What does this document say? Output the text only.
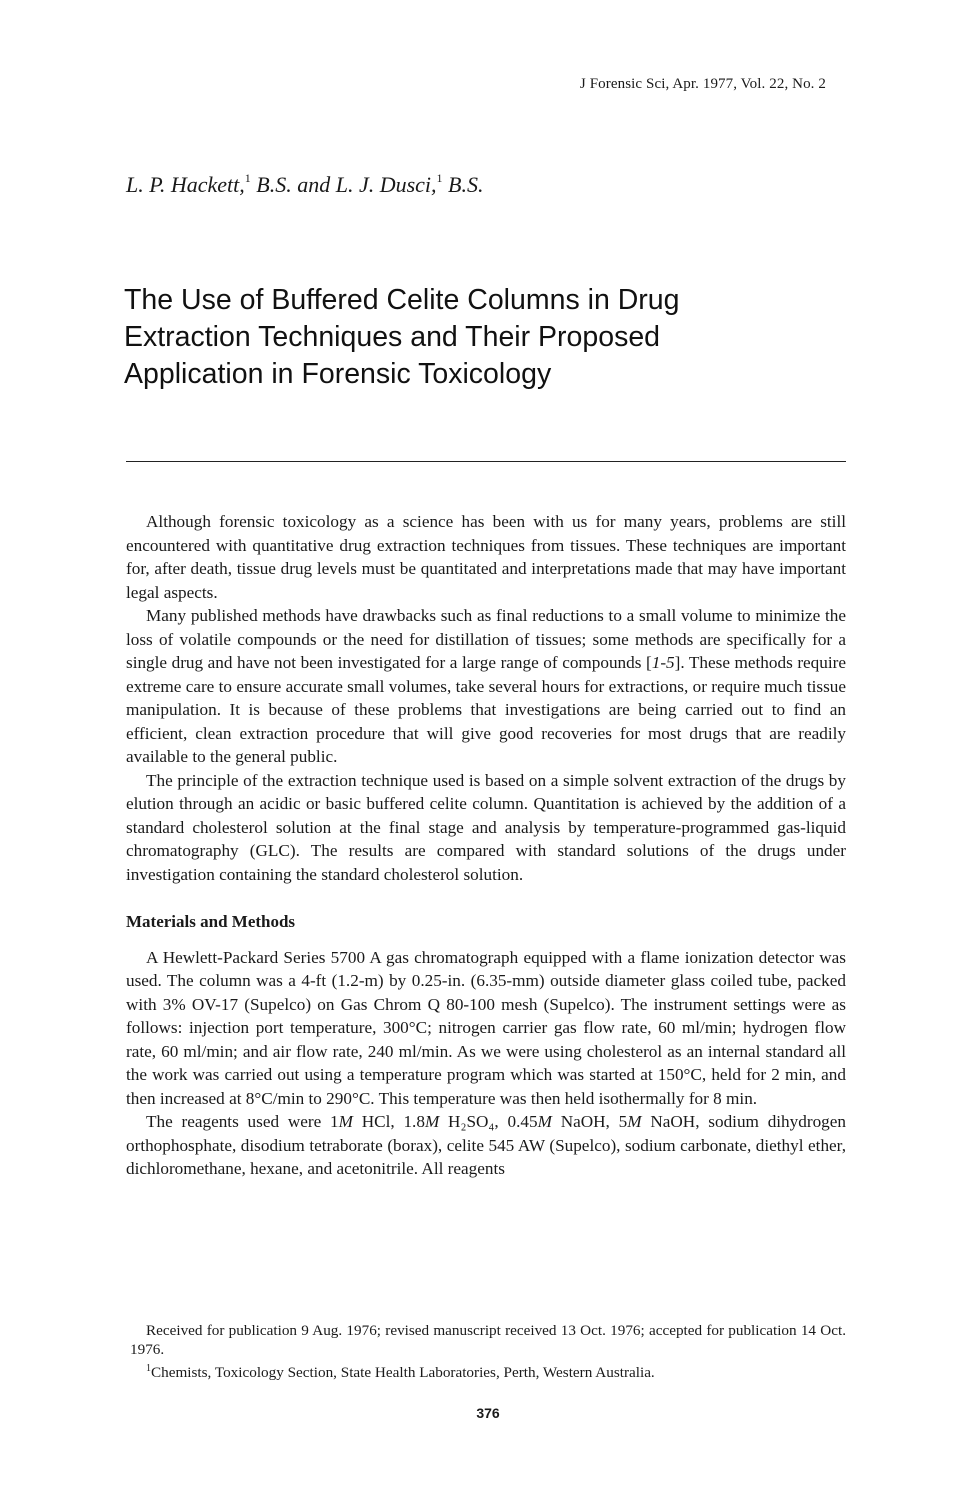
J Forensic Sci, Apr. 1977, Vol. 22, No. 2
L. P. Hackett,$^1$ B.S. and L. J. Dusci,$^1$ B.S.
The Use of Buffered Celite Columns in Drug
Extraction Techniques and Their Proposed
Application in Forensic Toxicology

Although forensic toxicology as a science has been with us for many years, problems are still encountered with quantitative drug extraction techniques from tissues. These techniques are important for, after death, tissue drug levels must be quantitated and interpretations made that may have important legal aspects.

Many published methods have drawbacks such as final reductions to a small volume to minimize the loss of volatile compounds or the need for distillation of tissues; some methods are specifically for a single drug and have not been investigated for a large range of compounds [1-5]. These methods require extreme care to ensure accurate small volumes, take several hours for extractions, or require much tissue manipulation. It is because of these problems that investigations are being carried out to find an efficient, clean extraction procedure that will give good recoveries for most drugs that are readily available to the general public.

The principle of the extraction technique used is based on a simple solvent extraction of the drugs by elution through an acidic or basic buffered celite column. Quantitation is achieved by the addition of a standard cholesterol solution at the final stage and analysis by temperature-programmed gas-liquid chromatography (GLC). The results are compared with standard solutions of the drugs under investigation containing the standard cholesterol solution.

Materials and Methods

A Hewlett-Packard Series 5700 A gas chromatograph equipped with a flame ionization detector was used. The column was a 4-ft (1.2-m) by 0.25-in. (6.35-mm) outside diameter glass coiled tube, packed with 3% OV-17 (Supelco) on Gas Chrom Q 80-100 mesh (Supelco). The instrument settings were as follows: injection port temperature, 300°C; nitrogen carrier gas flow rate, 60 ml/min; hydrogen flow rate, 60 ml/min; and air flow rate, 240 ml/min. As we were using cholesterol as an internal standard all the work was carried out using a temperature program which was started at 150°C, held for 2 min, and then increased at 8°C/min to 290°C. This temperature was then held isothermally for 8 min.

The reagents used were 1M HCl, 1.8M H₂SO₄, 0.45M NaOH, 5M NaOH, sodium dihydrogen orthophosphate, disodium tetraborate (borax), celite 545 AW (Supelco), sodium carbonate, diethyl ether, dichloromethane, hexane, and acetonitrile. All reagents

Received for publication 9 Aug. 1976; revised manuscript received 13 Oct. 1976; accepted for publication 14 Oct. 1976.

$^1$Chemists, Toxicology Section, State Health Laboratories, Perth, Western Australia.

376
